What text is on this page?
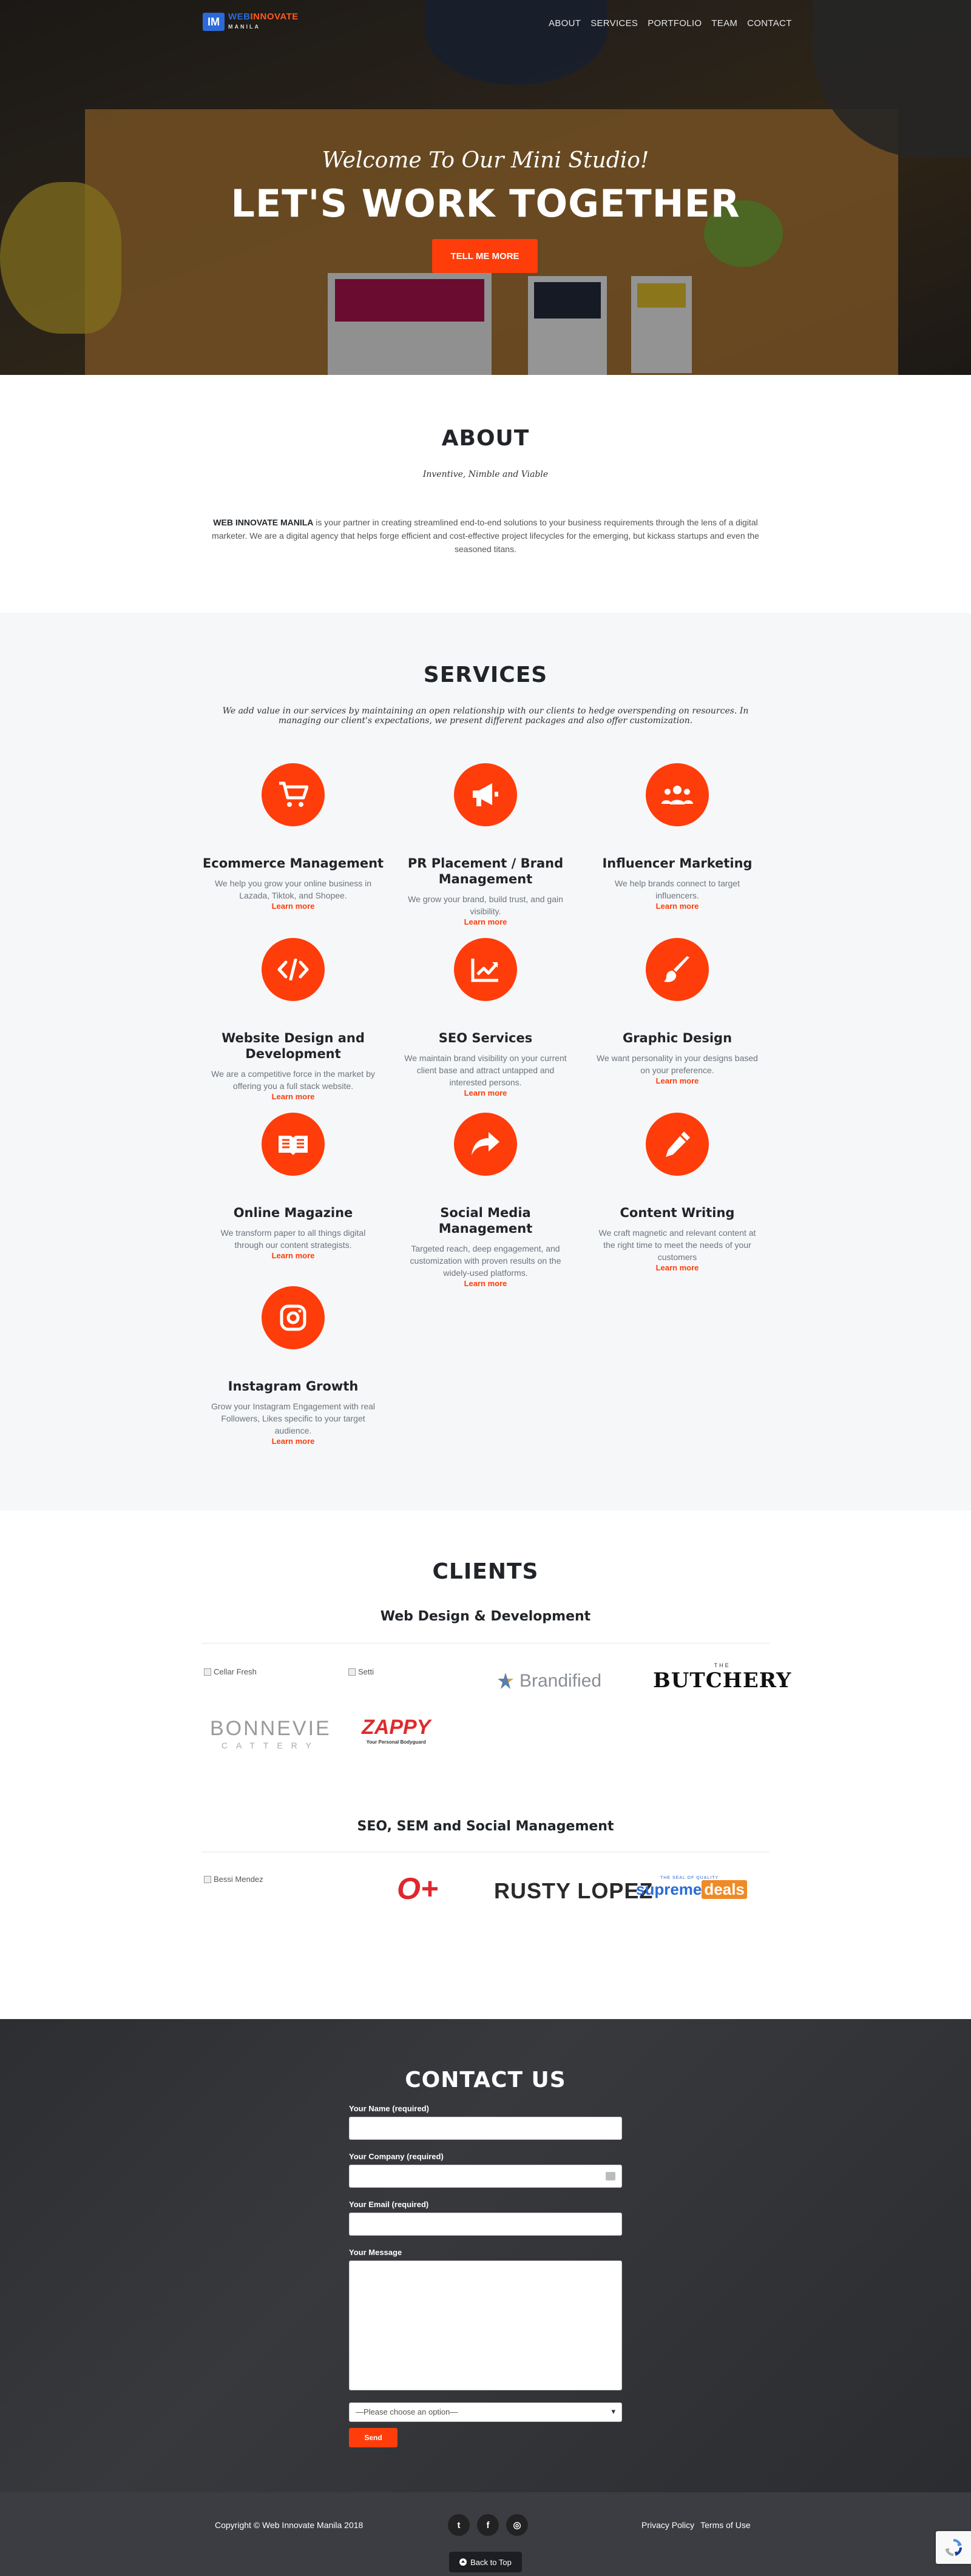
IM WEBINNOVATE
MANILA	ABOUT SERVICES PORTFOLIO TEAM CONTACT
Welcome To Our Mini Studio!
LET'S WORK TOGETHER
TELL ME MORE
ABOUT
Inventive, Nimble and Viable

WEB INNOVATE MANILA is your partner in creating streamlined end-to-end solutions to your business requirements through the lens of a digital marketer. We are a digital agency that helps forge efficient and cost-effective project lifecycles for the emerging, but kickass startups and even the seasoned titans.

SERVICES

We add value in our services by maintaining an open relationship with our clients to hedge overspending on resources. In managing our client's expectations, we present different packages and also offer customization.

Ecommerce Management
We help you grow your online business in Lazada, Tiktok, and Shopee.
Learn more
PR Placement / Brand Management
We grow your brand, build trust, and gain visibility.
Learn more
Influencer Marketing
We help brands connect to target influencers.
Learn more
Website Design and Development
We are a competitive force in the market by offering you a full stack website.
Learn more
SEO Services
We maintain brand visibility on your current client base and attract untapped and interested persons.
Learn more
Graphic Design
We want personality in your designs based on your preference.
Learn more
Online Magazine
We transform paper to all things digital through our content strategists.
Learn more
Social Media Management
Targeted reach, deep engagement, and customization with proven results on the widely-used platforms.
Learn more
Content Writing
We craft magnetic and relevant content at the right time to meet the needs of your customers
Learn more
Instagram Growth
Grow your Instagram Engagement with real Followers, Likes specific to your target audience.
Learn more
CLIENTS
Web Design & Development
Cellar Fresh	Setti	Brandified
THE
BUTCHERY
BONNEVIE
CATTERY
ZAPPY
Your Personal Bodyguard
SEO, SEM and Social Management
Bessi Mendez	O+	RUSTY LOPEZ
THE SEAL OF QUALITY
supreme deals
CONTACT US
Your Name (required)
Your Company (required)
Your Email (required)
Your Message
—Please choose an option— ▾
Send
Copyright © Web Innovate Manila 2018	t	f	◎	Privacy Policy Terms of Use
Back to Top
